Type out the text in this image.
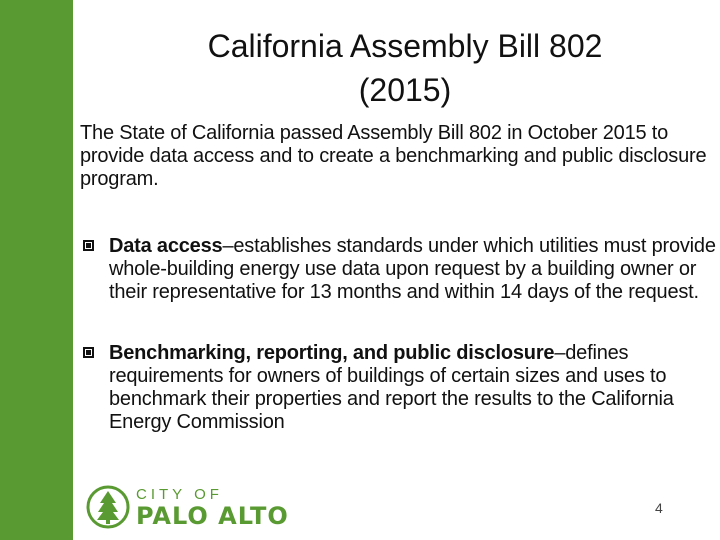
California Assembly Bill 802
(2015)

The State of California passed Assembly Bill 802 in October 2015 to provide data access and to create a benchmarking and public disclosure program.

Data access–establishes standards under which utilities must provide whole-building energy use data upon request by a building owner or their representative for 13 months and within 14 days of the request.
Benchmarking, reporting, and public disclosure–defines requirements for owners of buildings of certain sizes and uses to benchmark their properties and report the results to the California Energy Commission
CITY OF
PALO ALTO	4
